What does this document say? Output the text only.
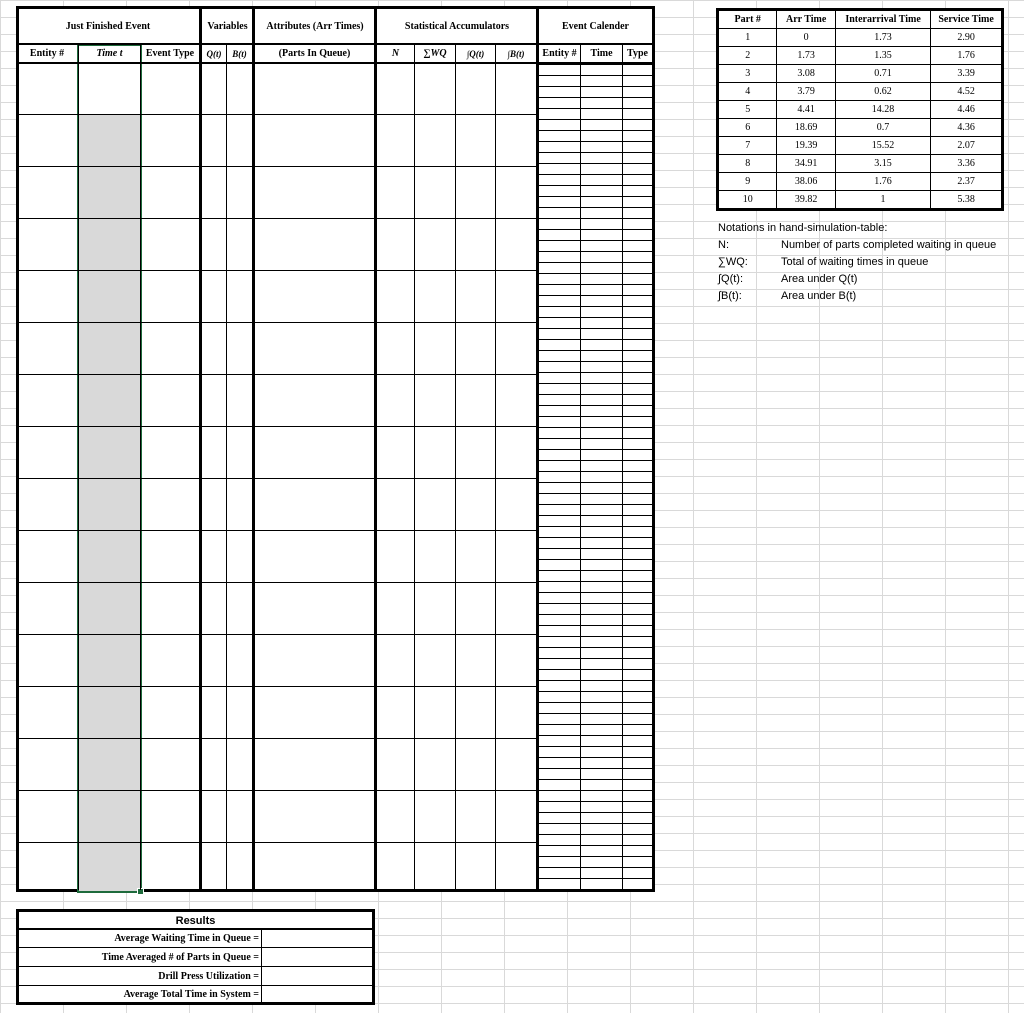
Just Finished Event	Variables	Attributes (Arr Times)	Statistical Accumulators	Event Calender
Entity #	Time t	Event Type	Q(t)	B(t)	(Parts In Queue)	N	∑WQ	∫Q(t)	∫B(t)	Entity #	Time	Type
Results
Average Waiting Time in Queue =
Time Averaged # of Parts in Queue =
Drill Press Utilization =
Average Total Time in System =
Part #	Arr Time	Interarrival Time	Service Time
1	0	1.73	2.90
2	1.73	1.35	1.76
3	3.08	0.71	3.39
4	3.79	0.62	4.52
5	4.41	14.28	4.46
6	18.69	0.7	4.36
7	19.39	15.52	2.07
8	34.91	3.15	3.36
9	38.06	1.76	2.37
10	39.82	1	5.38
Notations in hand-simulation-table:
N:	Number of parts completed waiting in queue
∑WQ:	Total of waiting times in queue
∫Q(t):	Area under Q(t)
∫B(t):	Area under B(t)
